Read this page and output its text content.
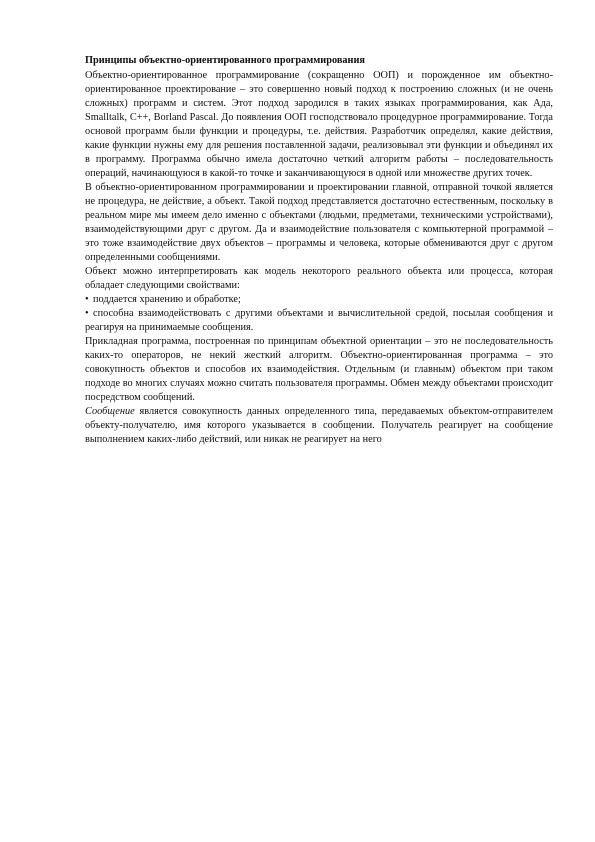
Принципы объектно-ориентированного программирования

Объектно-ориентированное программирование (сокращенно ООП) и порожденное им объектно-ориентированное проектирование – это совершенно новый подход к построению сложных (и не очень сложных) программ и систем. Этот подход зародился в таких языках программирования, как Ада, Smalltalk, C++, Borland Pascal. До появления ООП господствовало процедурное программирование. Тогда основой программ были функции и процедуры, т.е. действия. Разработчик определял, какие действия, какие функции нужны ему для решения поставленной задачи, реализовывал эти функции и объединял их в программу. Программа обычно имела достаточно четкий алгоритм работы – последовательность операций, начинающуюся в какой-то точке и заканчивающуюся в одной или множестве других точек.

В объектно-ориентированном программировании и проектировании главной, отправной точкой является не процедура, не действие, а объект. Такой подход представляется достаточно естественным, поскольку в реальном мире мы имеем дело именно с объектами (людьми, предметами, техническими устройствами), взаимодействующими друг с другом. Да и взаимодействие пользователя с компьютерной программой – это тоже взаимодействие двух объектов – программы и человека, которые обмениваются друг с другом определенными сообщениями.

Объект можно интерпретировать как модель некоторого реального объекта или процесса, которая обладает следующими свойствами:

• поддается хранению и обработке;

• способна взаимодействовать с другими объектами и вычислительной средой, посылая сообщения и реагируя на принимаемые сообщения.

Прикладная программа, построенная по принципам объектной ориентации – это не последовательность каких-то операторов, не некий жесткий алгоритм. Объектно-ориентированная программа – это совокупность объектов и способов их взаимодействия. Отдельным (и главным) объектом при таком подходе во многих случаях можно считать пользователя программы. Обмен между объектами происходит посредством сообщений.

Сообщение является совокупность данных определенного типа, передаваемых объектом-отправителем объекту-получателю, имя которого указывается в сообщении. Получатель реагирует на сообщение выполнением каких-либо действий, или никак не реагирует на него
